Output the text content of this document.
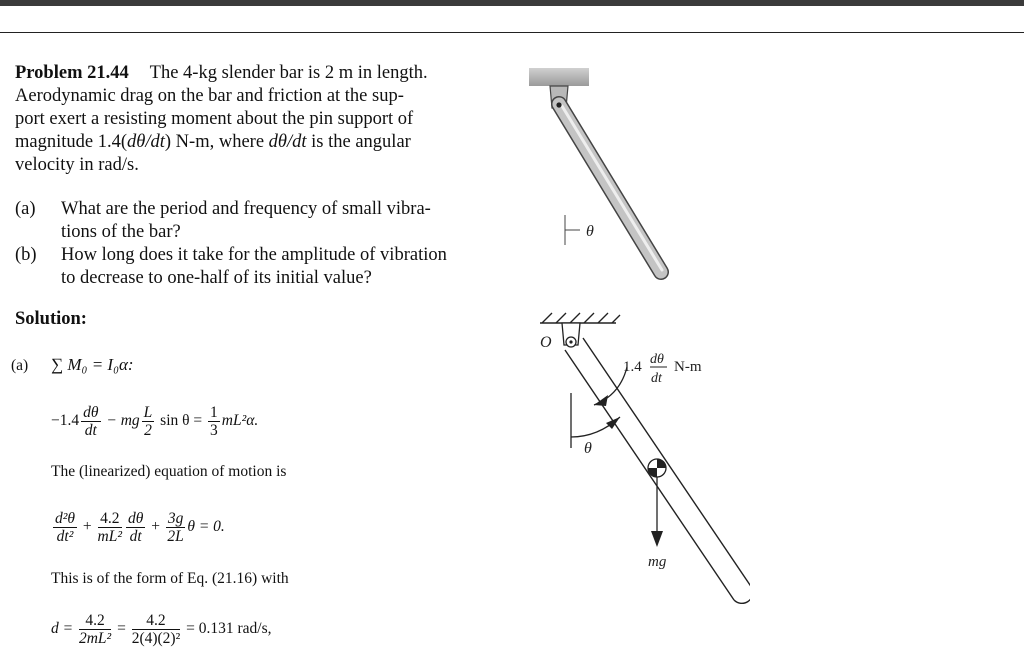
Problem 21.44 The 4-kg slender bar is 2 m in length.
Aerodynamic drag on the bar and friction at the sup-
port exert a resisting moment about the pin support of
magnitude 1.4(dθ/dt) N-m, where dθ/dt is the angular
velocity in rad/s.
(a) What are the period and frequency of small vibra-
tions of the bar?
(b) How long does it take for the amplitude of vibration
to decrease to one-half of its initial value?
Solution:
(a) ∑ M₀ = I₀α:
$-1.4 \frac{d\theta}{dt}$ − mg $\frac{L}{2}$ $\sin \theta = \frac{1}{3} mL^2\alpha$.
The (linearized) equation of motion is
$\frac{\text{d²θ}}{\text{dt²}} + \frac{4.2}{\text{mL²}} \frac{d\theta}{dt} + \frac{3g}{2L}$ θ = 0.
This is of the form of Eq. (21.16) with
$d = \frac{4.2}{\text{2mL²}} = \frac{4.2}{\text{2(4)(2)²}} = 0.131$ rad/s,
θ
O
1.4 dθ
dt
N-m
θ
mg
